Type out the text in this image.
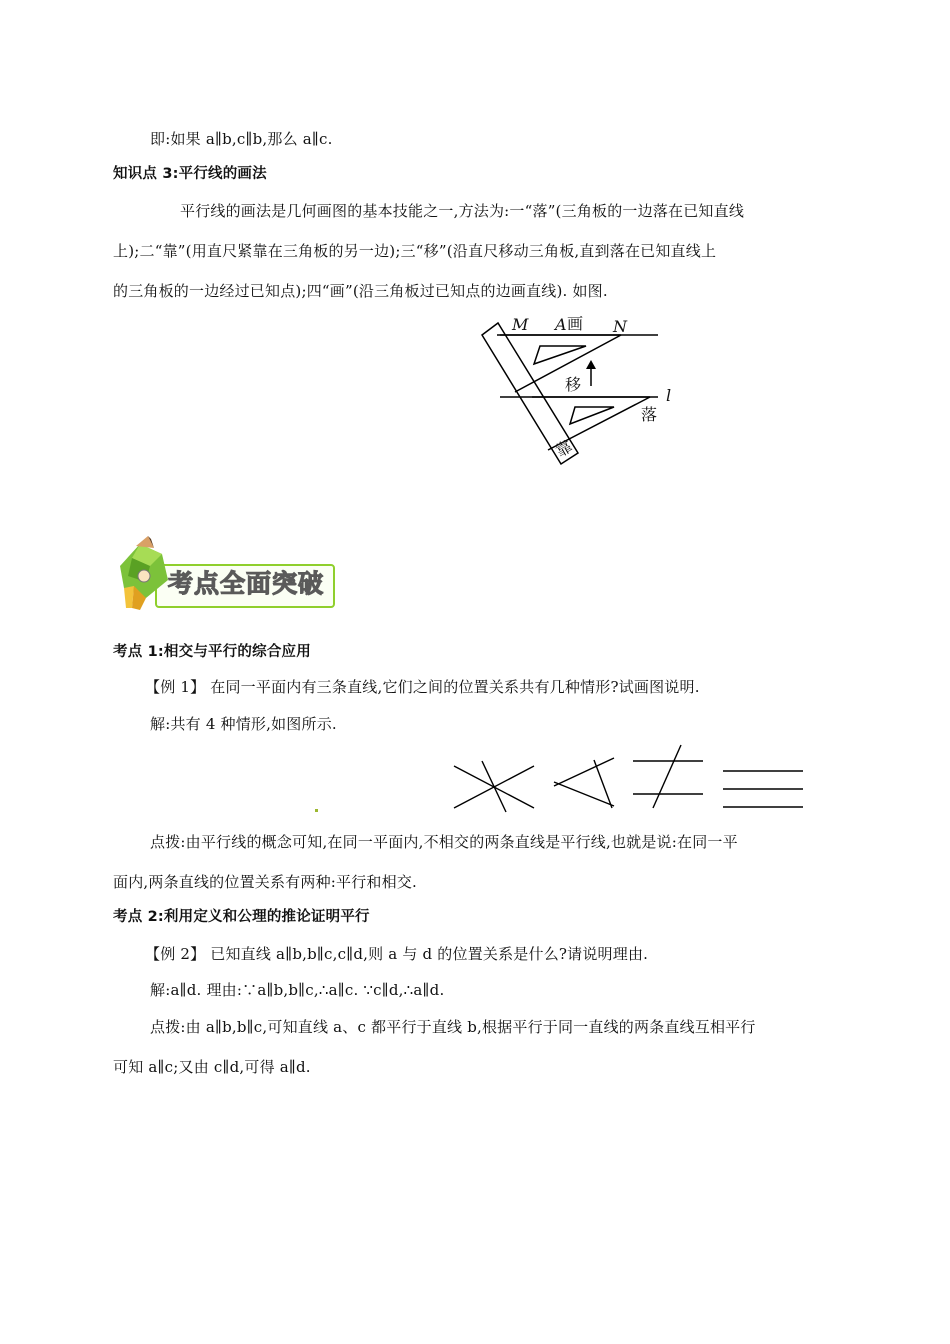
即:如果 a∥b,c∥b,那么 a∥c.
知识点 3:平行线的画法
平行线的画法是几何画图的基本技能之一,方法为:一“落”(三角板的一边落在已知直线
上);二“靠”(用直尺紧靠在三角板的另一边);三“移”(沿直尺移动三角板,直到落在已知直线上
的三角板的一边经过已知点);四“画”(沿三角板过已知点的边画直线). 如图.
M A 画 N
移
l
落
靠
考点全面突破
考点 1:相交与平行的综合应用
【例 1】 在同一平面内有三条直线,它们之间的位置关系共有几种情形?试画图说明.
解:共有 4 种情形,如图所示.
点拨:由平行线的概念可知,在同一平面内,不相交的两条直线是平行线,也就是说:在同一平
面内,两条直线的位置关系有两种:平行和相交.
考点 2:利用定义和公理的推论证明平行
【例 2】 已知直线 a∥b,b∥c,c∥d,则 a 与 d 的位置关系是什么?请说明理由.
解:a∥d. 理由:∵a∥b,b∥c,∴a∥c. ∵c∥d,∴a∥d.
点拨:由 a∥b,b∥c,可知直线 a、c 都平行于直线 b,根据平行于同一直线的两条直线互相平行
可知 a∥c;又由 c∥d,可得 a∥d.
